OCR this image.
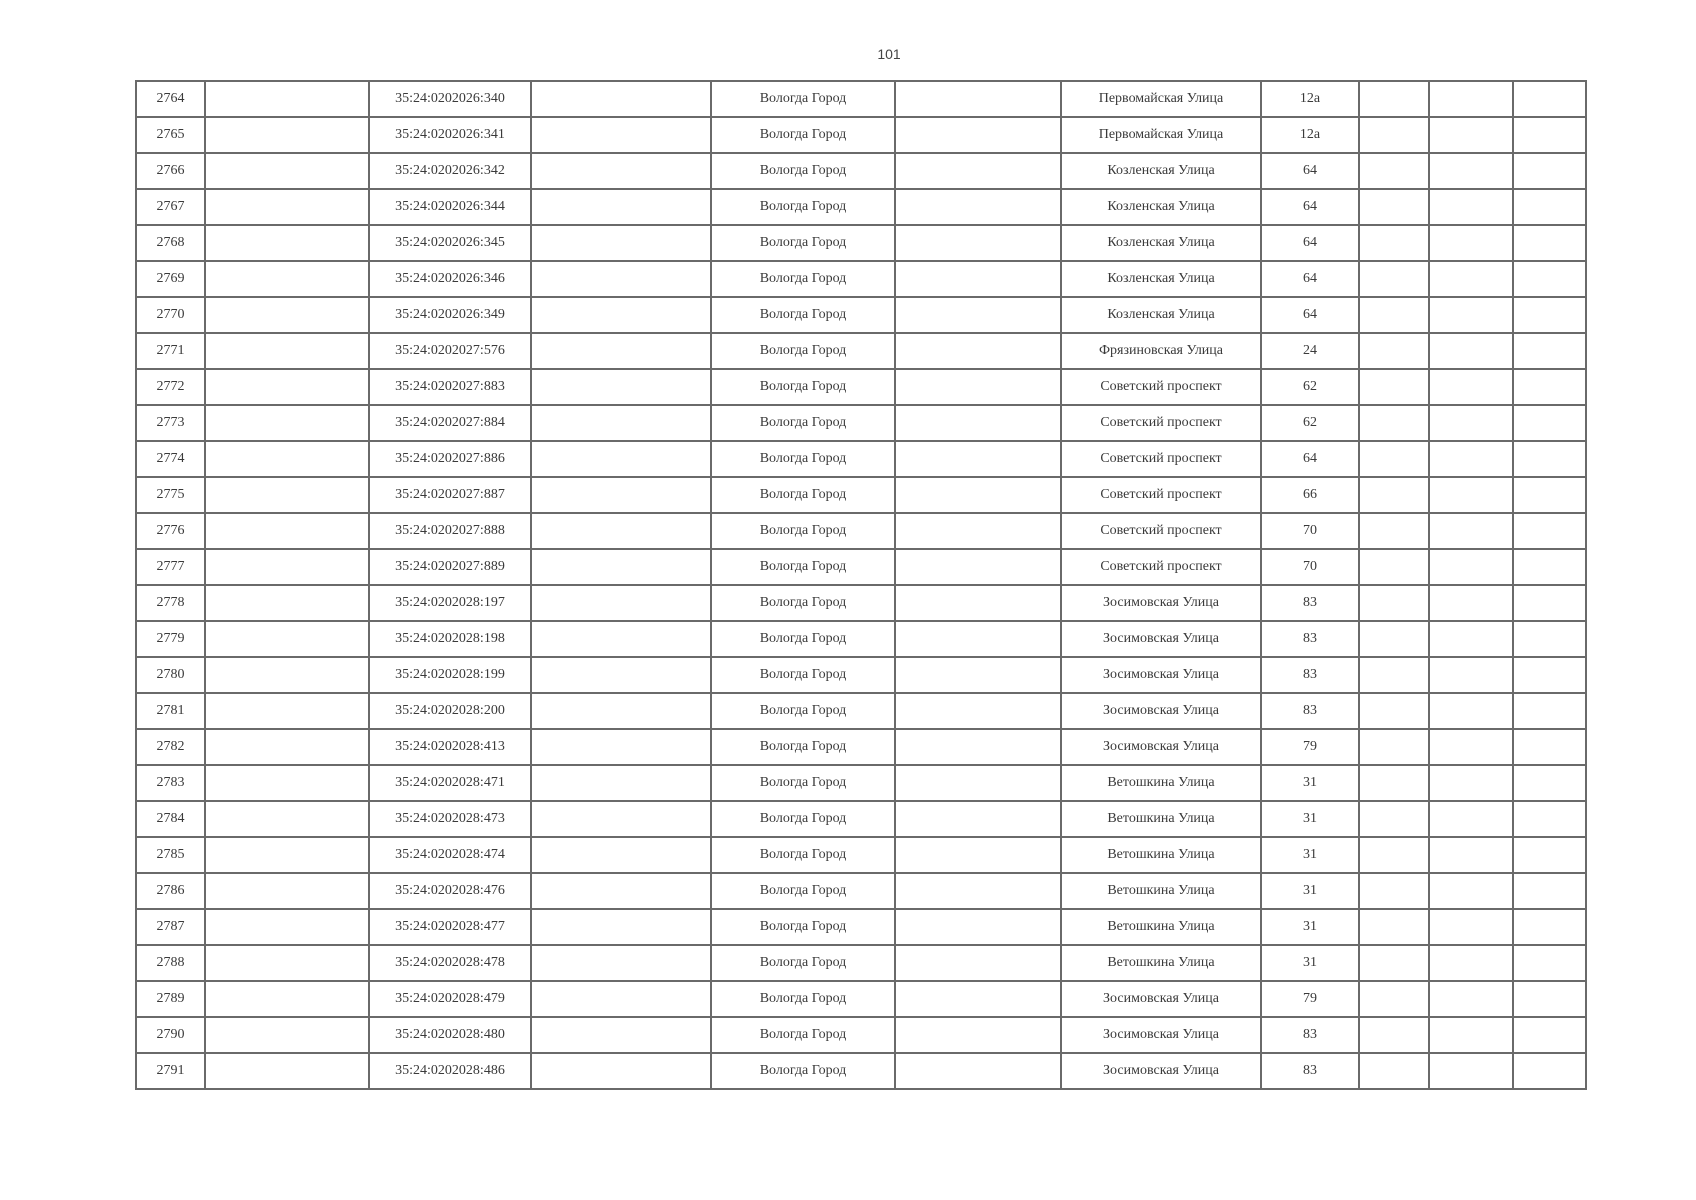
101
2764		35:24:0202026:340		Вологда Город		Первомайская Улица	12а			
2765		35:24:0202026:341		Вологда Город		Первомайская Улица	12а			
2766		35:24:0202026:342		Вологда Город		Козленская Улица	64			
2767		35:24:0202026:344		Вологда Город		Козленская Улица	64			
2768		35:24:0202026:345		Вологда Город		Козленская Улица	64			
2769		35:24:0202026:346		Вологда Город		Козленская Улица	64			
2770		35:24:0202026:349		Вологда Город		Козленская Улица	64			
2771		35:24:0202027:576		Вологда Город		Фрязиновская Улица	24			
2772		35:24:0202027:883		Вологда Город		Советский проспект	62			
2773		35:24:0202027:884		Вологда Город		Советский проспект	62			
2774		35:24:0202027:886		Вологда Город		Советский проспект	64			
2775		35:24:0202027:887		Вологда Город		Советский проспект	66			
2776		35:24:0202027:888		Вологда Город		Советский проспект	70			
2777		35:24:0202027:889		Вологда Город		Советский проспект	70			
2778		35:24:0202028:197		Вологда Город		Зосимовская Улица	83			
2779		35:24:0202028:198		Вологда Город		Зосимовская Улица	83			
2780		35:24:0202028:199		Вологда Город		Зосимовская Улица	83			
2781		35:24:0202028:200		Вологда Город		Зосимовская Улица	83			
2782		35:24:0202028:413		Вологда Город		Зосимовская Улица	79			
2783		35:24:0202028:471		Вологда Город		Ветошкина Улица	31			
2784		35:24:0202028:473		Вологда Город		Ветошкина Улица	31			
2785		35:24:0202028:474		Вологда Город		Ветошкина Улица	31			
2786		35:24:0202028:476		Вологда Город		Ветошкина Улица	31			
2787		35:24:0202028:477		Вологда Город		Ветошкина Улица	31			
2788		35:24:0202028:478		Вологда Город		Ветошкина Улица	31			
2789		35:24:0202028:479		Вологда Город		Зосимовская Улица	79			
2790		35:24:0202028:480		Вологда Город		Зосимовская Улица	83			
2791		35:24:0202028:486		Вологда Город		Зосимовская Улица	83			
